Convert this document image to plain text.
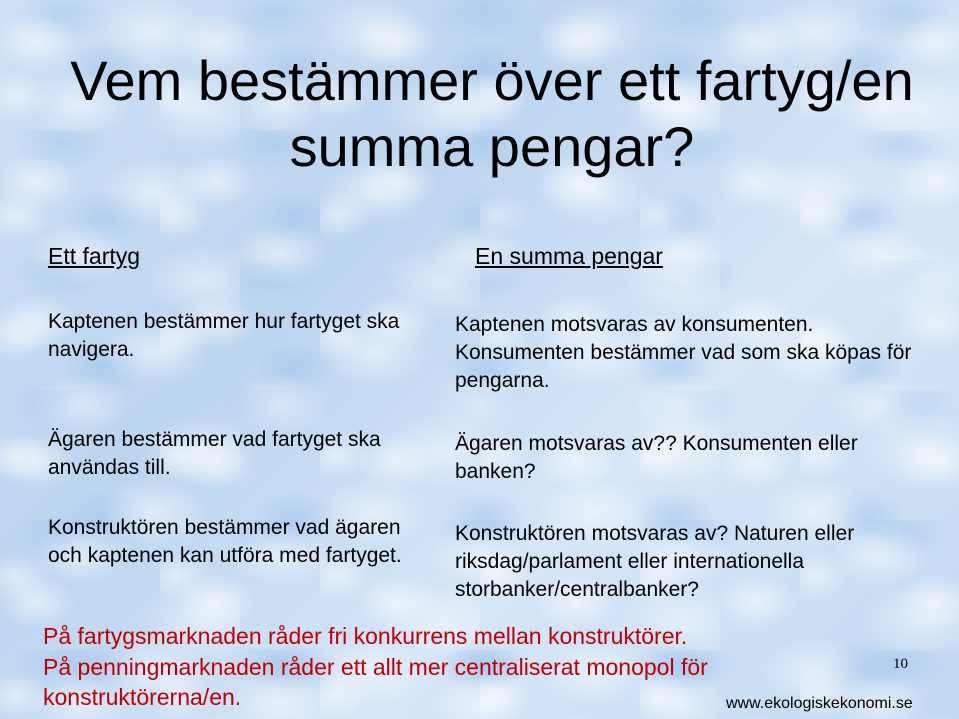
Vem bestämmer över ett fartyg/en summa pengar?
Ett fartyg	En summa pengar

Kaptenen bestämmer hur fartyget ska navigera.

Ägaren bestämmer vad fartyget ska användas till.

Konstruktören bestämmer vad ägaren och kaptenen kan utföra med fartyget.

Kaptenen motsvaras av konsumenten. Konsumenten bestämmer vad som ska köpas för pengarna.

Ägaren motsvaras av?? Konsumenten eller banken?

Konstruktören motsvaras av? Naturen eller riksdag/parlament eller internationella storbanker/centralbanker?

På fartygsmarknaden råder fri konkurrens mellan konstruktörer.

På penningmarknaden råder ett allt mer centraliserat monopol för konstruktörerna/en.

10
www.ekologiskekonomi.se
